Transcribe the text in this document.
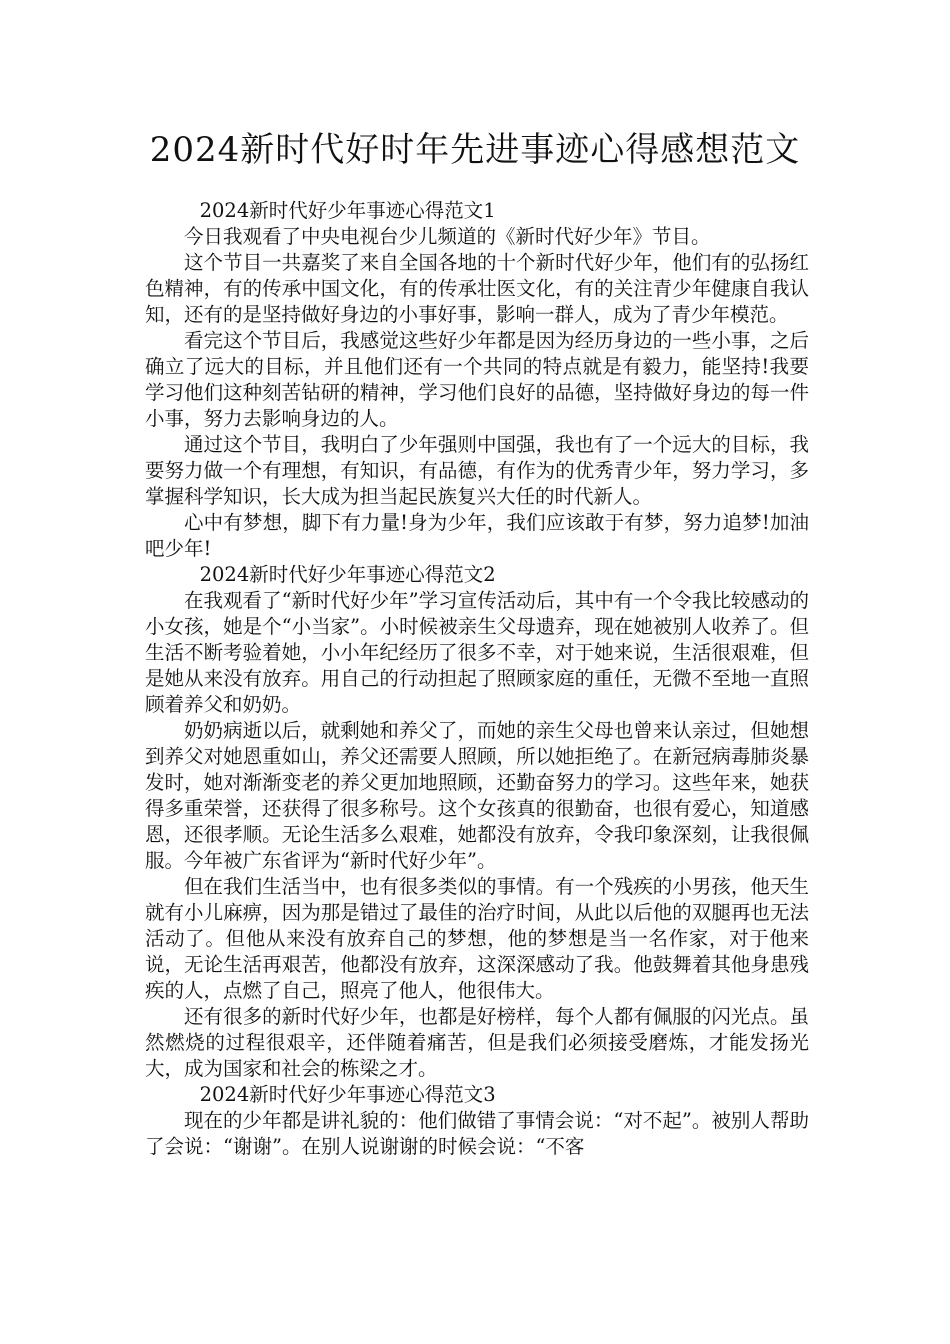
2024新时代好时年先进事迹心得感想范文

2024新时代好少年事迹心得范文1

今日我观看了中央电视台少儿频道的《新时代好少年》节目。

这个节目一共嘉奖了来自全国各地的十个新时代好少年，他们有的弘扬红色精神，有的传承中国文化，有的传承壮医文化，有的关注青少年健康自我认知，还有的是坚持做好身边的小事好事，影响一群人，成为了青少年模范。

看完这个节目后，我感觉这些好少年都是因为经历身边的一些小事，之后确立了远大的目标，并且他们还有一个共同的特点就是有毅力，能坚持!我要学习他们这种刻苦钻研的精神，学习他们良好的品德，坚持做好身边的每一件小事，努力去影响身边的人。

通过这个节目，我明白了少年强则中国强，我也有了一个远大的目标，我要努力做一个有理想，有知识，有品德，有作为的优秀青少年，努力学习，多掌握科学知识，长大成为担当起民族复兴大任的时代新人。

心中有梦想，脚下有力量!身为少年，我们应该敢于有梦，努力追梦!加油吧少年!

2024新时代好少年事迹心得范文2

在我观看了“新时代好少年”学习宣传活动后，其中有一个令我比较感动的小女孩，她是个“小当家”。小时候被亲生父母遗弃，现在她被别人收养了。但生活不断考验着她，小小年纪经历了很多不幸，对于她来说，生活很艰难，但是她从来没有放弃。用自己的行动担起了照顾家庭的重任，无微不至地一直照顾着养父和奶奶。

奶奶病逝以后，就剩她和养父了，而她的亲生父母也曾来认亲过，但她想到养父对她恩重如山，养父还需要人照顾，所以她拒绝了。在新冠病毒肺炎暴发时，她对渐渐变老的养父更加地照顾，还勤奋努力的学习。这些年来，她获得多重荣誉，还获得了很多称号。这个女孩真的很勤奋，也很有爱心，知道感恩，还很孝顺。无论生活多么艰难，她都没有放弃，令我印象深刻，让我很佩服。今年被广东省评为“新时代好少年”。

但在我们生活当中，也有很多类似的事情。有一个残疾的小男孩，他天生就有小儿麻痹，因为那是错过了最佳的治疗时间，从此以后他的双腿再也无法活动了。但他从来没有放弃自己的梦想，他的梦想是当一名作家，对于他来说，无论生活再艰苦，他都没有放弃，这深深感动了我。他鼓舞着其他身患残疾的人，点燃了自己，照亮了他人，他很伟大。

还有很多的新时代好少年，也都是好榜样，每个人都有佩服的闪光点。虽然燃烧的过程很艰辛，还伴随着痛苦，但是我们必须接受磨炼，才能发扬光大，成为国家和社会的栋梁之才。

2024新时代好少年事迹心得范文3

现在的少年都是讲礼貌的：他们做错了事情会说：“对不起”。被别人帮助了会说：“谢谢”。在别人说谢谢的时候会说：“不客
